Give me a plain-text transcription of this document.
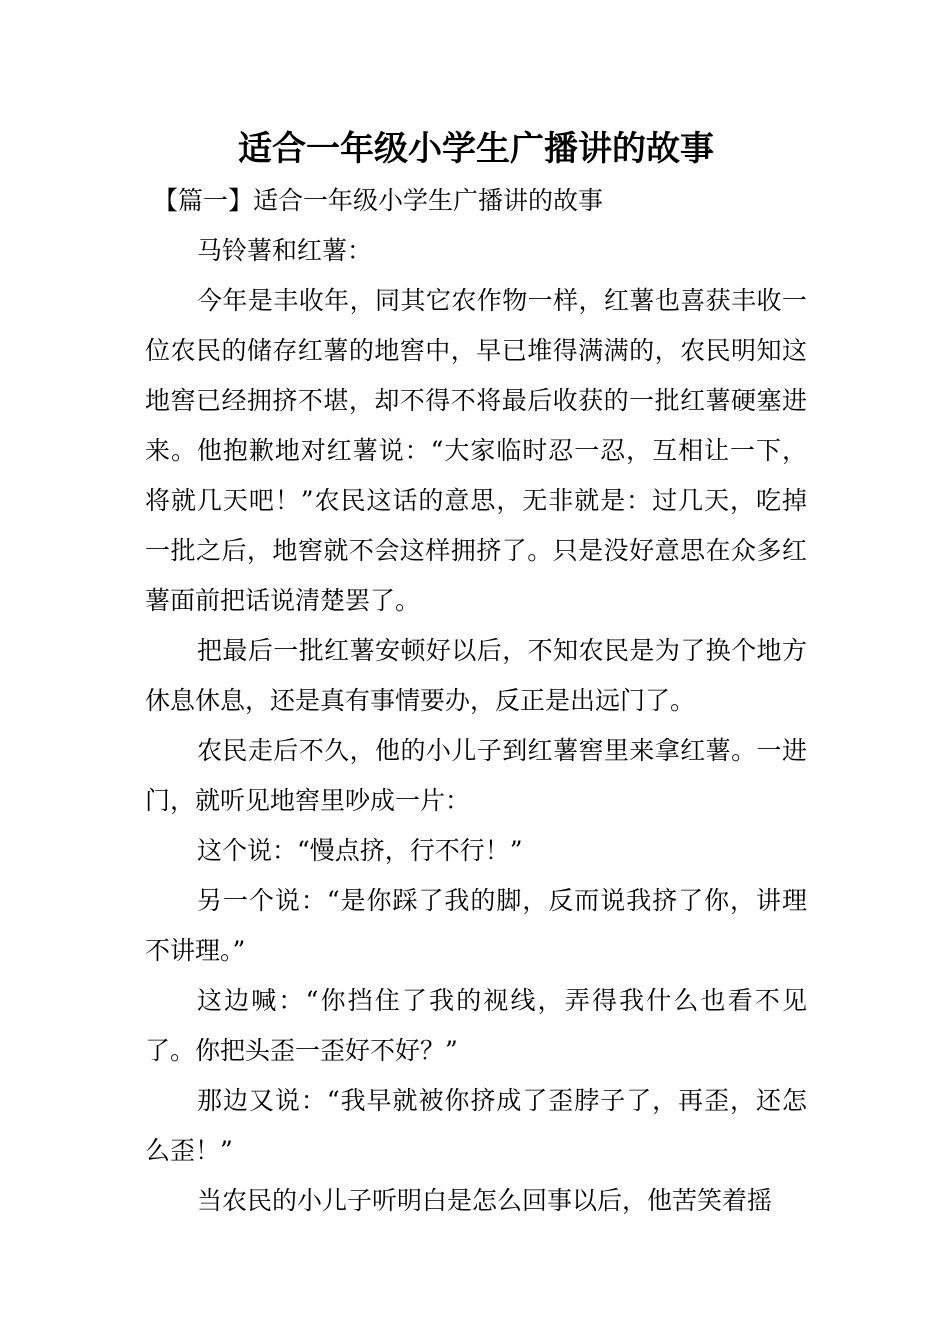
适合一年级小学生广播讲的故事

【篇一】适合一年级小学生广播讲的故事

马铃薯和红薯：

今年是丰收年，同其它农作物一样，红薯也喜获丰收一位农民的储存红薯的地窖中，早已堆得满满的，农民明知这地窖已经拥挤不堪，却不得不将最后收获的一批红薯硬塞进来。他抱歉地对红薯说：“大家临时忍一忍，互相让一下，将就几天吧！”农民这话的意思，无非就是：过几天，吃掉一批之后，地窖就不会这样拥挤了。只是没好意思在众多红薯面前把话说清楚罢了。

把最后一批红薯安顿好以后，不知农民是为了换个地方休息休息，还是真有事情要办，反正是出远门了。

农民走后不久，他的小儿子到红薯窖里来拿红薯。一进门，就听见地窖里吵成一片：

这个说：“慢点挤，行不行！”

另一个说：“是你踩了我的脚，反而说我挤了你，讲理不讲理。”

这边喊：“你挡住了我的视线，弄得我什么也看不见了。你把头歪一歪好不好？”

那边又说：“我早就被你挤成了歪脖子了，再歪，还怎么歪！”

当农民的小儿子听明白是怎么回事以后，他苦笑着摇
